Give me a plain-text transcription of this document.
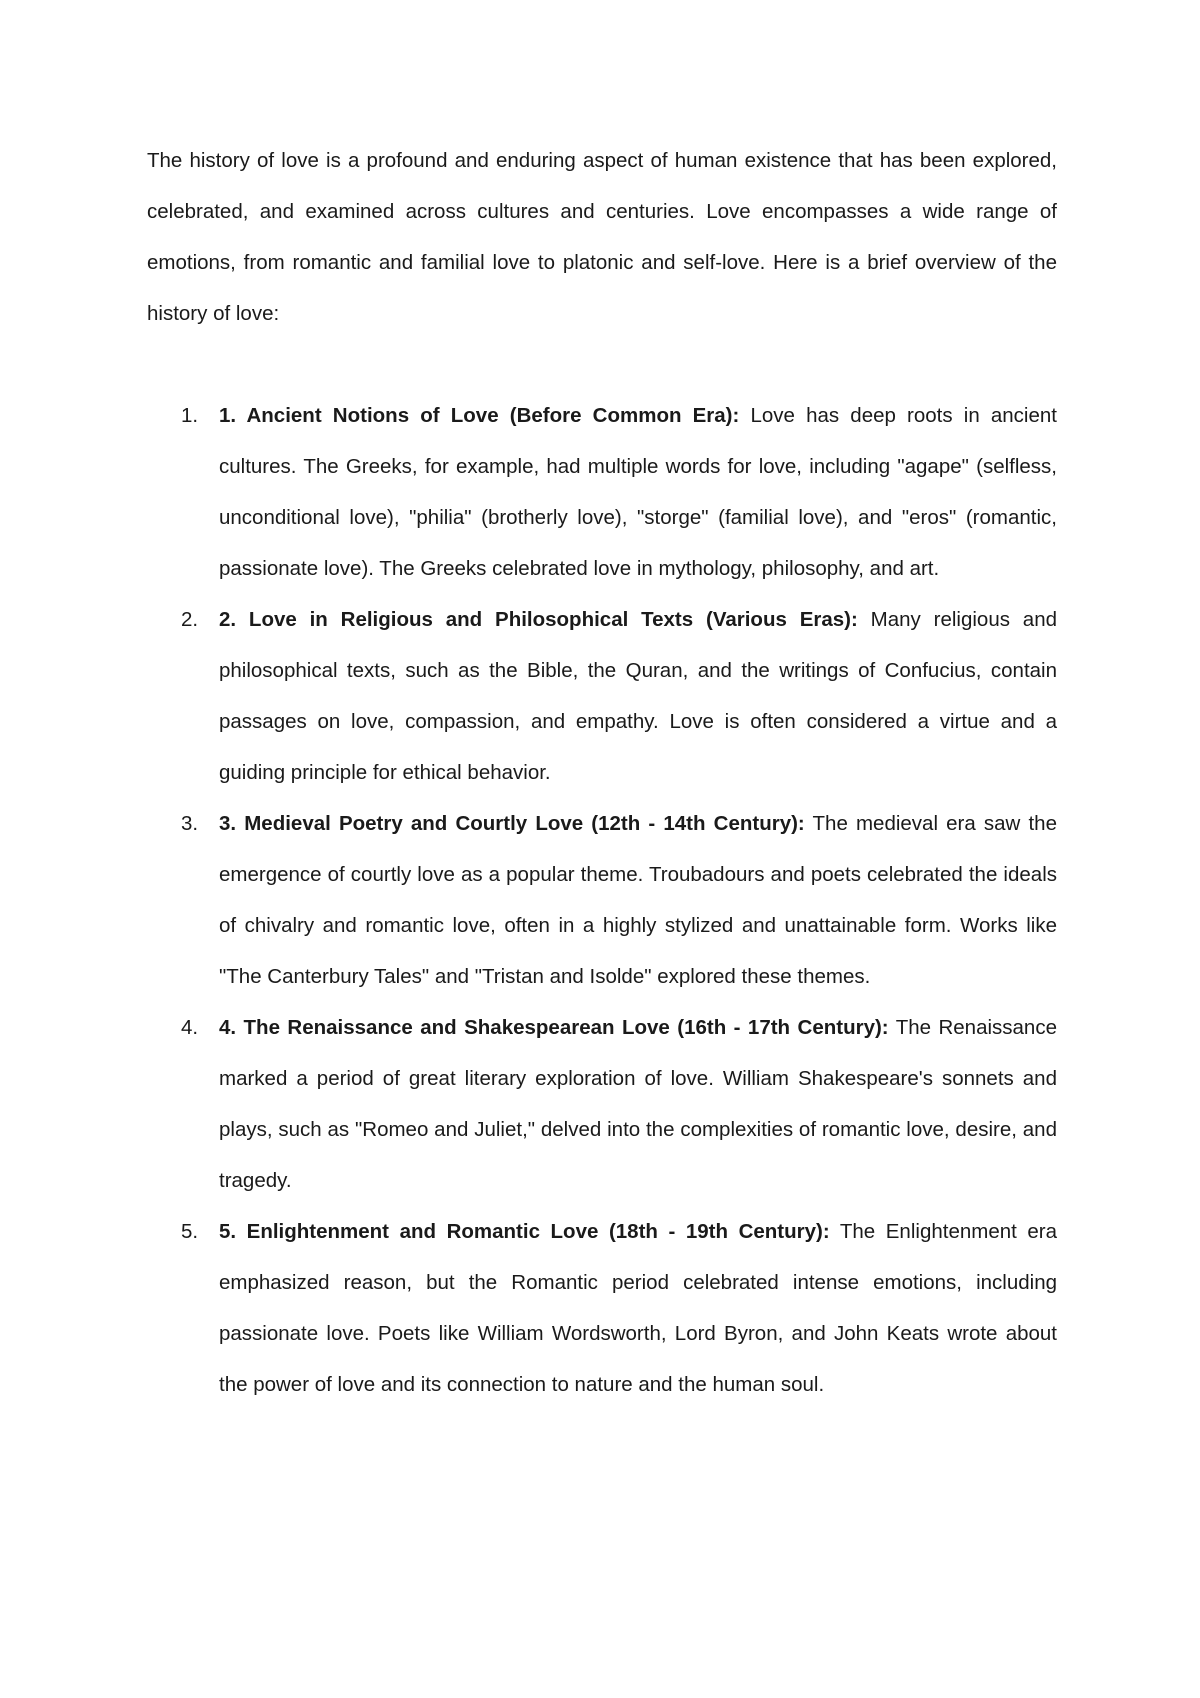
The history of love is a profound and enduring aspect of human existence that has been explored, celebrated, and examined across cultures and centuries. Love encompasses a wide range of emotions, from romantic and familial love to platonic and self-love. Here is a brief overview of the history of love:

1.	1. Ancient Notions of Love (Before Common Era): Love has deep roots in ancient cultures. The Greeks, for example, had multiple words for love, including "agape" (selfless, unconditional love), "philia" (brotherly love), "storge" (familial love), and "eros" (romantic, passionate love). The Greeks celebrated love in mythology, philosophy, and art.
2.	2. Love in Religious and Philosophical Texts (Various Eras): Many religious and philosophical texts, such as the Bible, the Quran, and the writings of Confucius, contain passages on love, compassion, and empathy. Love is often considered a virtue and a guiding principle for ethical behavior.
3.	3. Medieval Poetry and Courtly Love (12th - 14th Century): The medieval era saw the emergence of courtly love as a popular theme. Troubadours and poets celebrated the ideals of chivalry and romantic love, often in a highly stylized and unattainable form. Works like "The Canterbury Tales" and "Tristan and Isolde" explored these themes.
4.	4. The Renaissance and Shakespearean Love (16th - 17th Century): The Renaissance marked a period of great literary exploration of love. William Shakespeare's sonnets and plays, such as "Romeo and Juliet," delved into the complexities of romantic love, desire, and tragedy.
5.	5. Enlightenment and Romantic Love (18th - 19th Century): The Enlightenment era emphasized reason, but the Romantic period celebrated intense emotions, including passionate love. Poets like William Wordsworth, Lord Byron, and John Keats wrote about the power of love and its connection to nature and the human soul.
